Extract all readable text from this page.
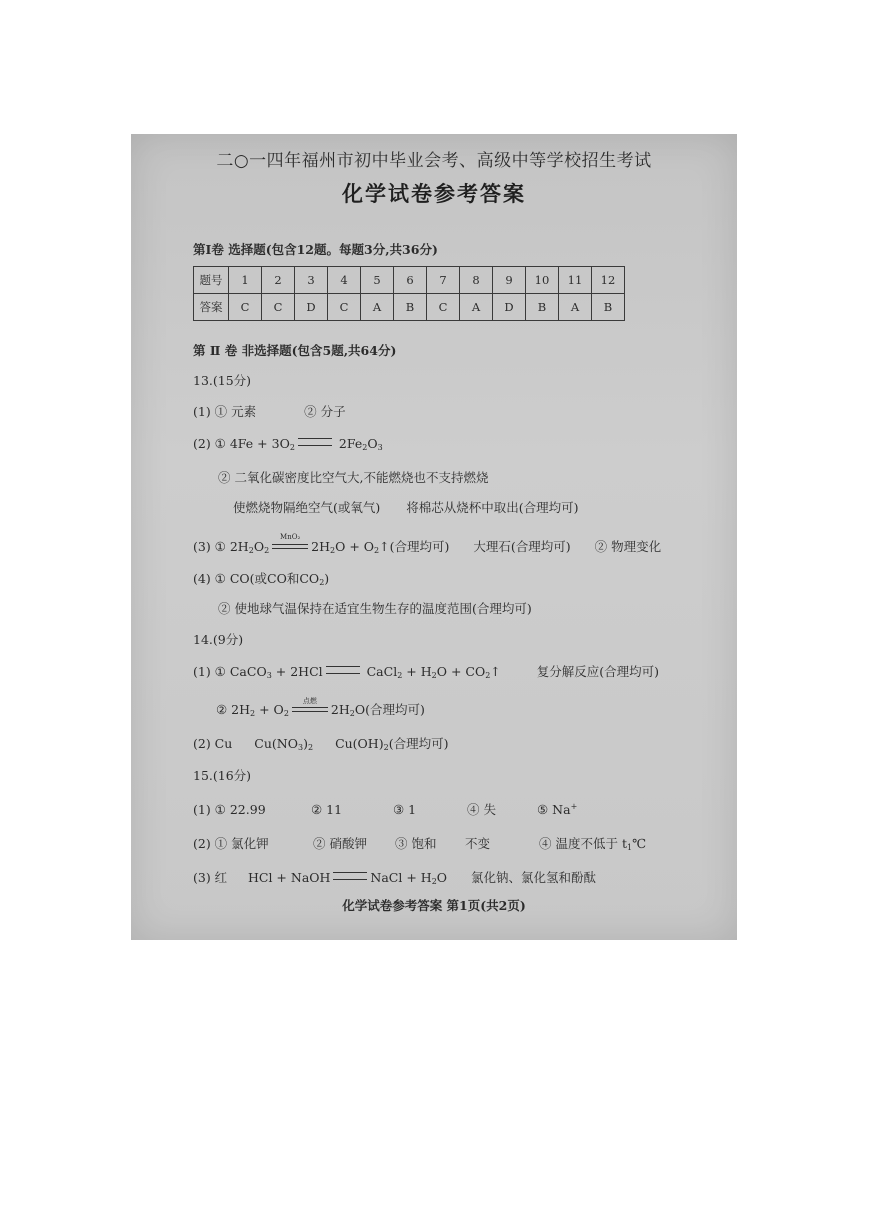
二○一四年福州市初中毕业会考、高级中等学校招生考试
化学试卷参考答案
第Ⅰ卷 选择题(包含12题。每题3分,共36分)
题号	1	2	3	4	5	6	7	8	9	10	11	12
答案	C	C	D	C	A	B	C	A	D	B	A	B
第 Ⅱ 卷 非选择题(包含5题,共64分)
13.(15分)
(1) ① 元素	② 分子
(2) ① $4Fe + 3O_2$	$2Fe_2O_3$
② 二氧化碳密度比空气大,不能燃烧也不支持燃烧
使燃烧物隔绝空气(或氧气) 将棉芯从烧杯中取出(合理均可)
(3) ① $2H_2O_2$
MnO₂
$2H_2O$ + $O_2↑$(合理均可) 大理石(合理均可) ② 物理变化
(4) ① CO(或CO和$CO_2$)
② 使地球气温保持在适宜生物生存的温度范围(合理均可)
14.(9分)
(1) ① CaCO$_3$ + 2HCl	CaCl$_2$ + $H_2O$ + $CO_2↑$	复分解反应(合理均可)
② $2H_2 + O_2$
点燃
$2H_2O$(合理均可)
(2) Cu $Cu(NO_3)_2$ $Cu(OH)_2$(合理均可)
15.(16分)
(1) ① 22.99	② 11	③ 1	④ 失	⑤ Na+
(2) ① 氯化钾	② 硝酸钾 ③ 饱和 不变	④ 温度不低于 $t_1℃$
(3) 红 HCl + NaOH	NaCl + $H_2O$ 氯化钠、氯化氢和酚酞
化学试卷参考答案 第1页(共2页)
